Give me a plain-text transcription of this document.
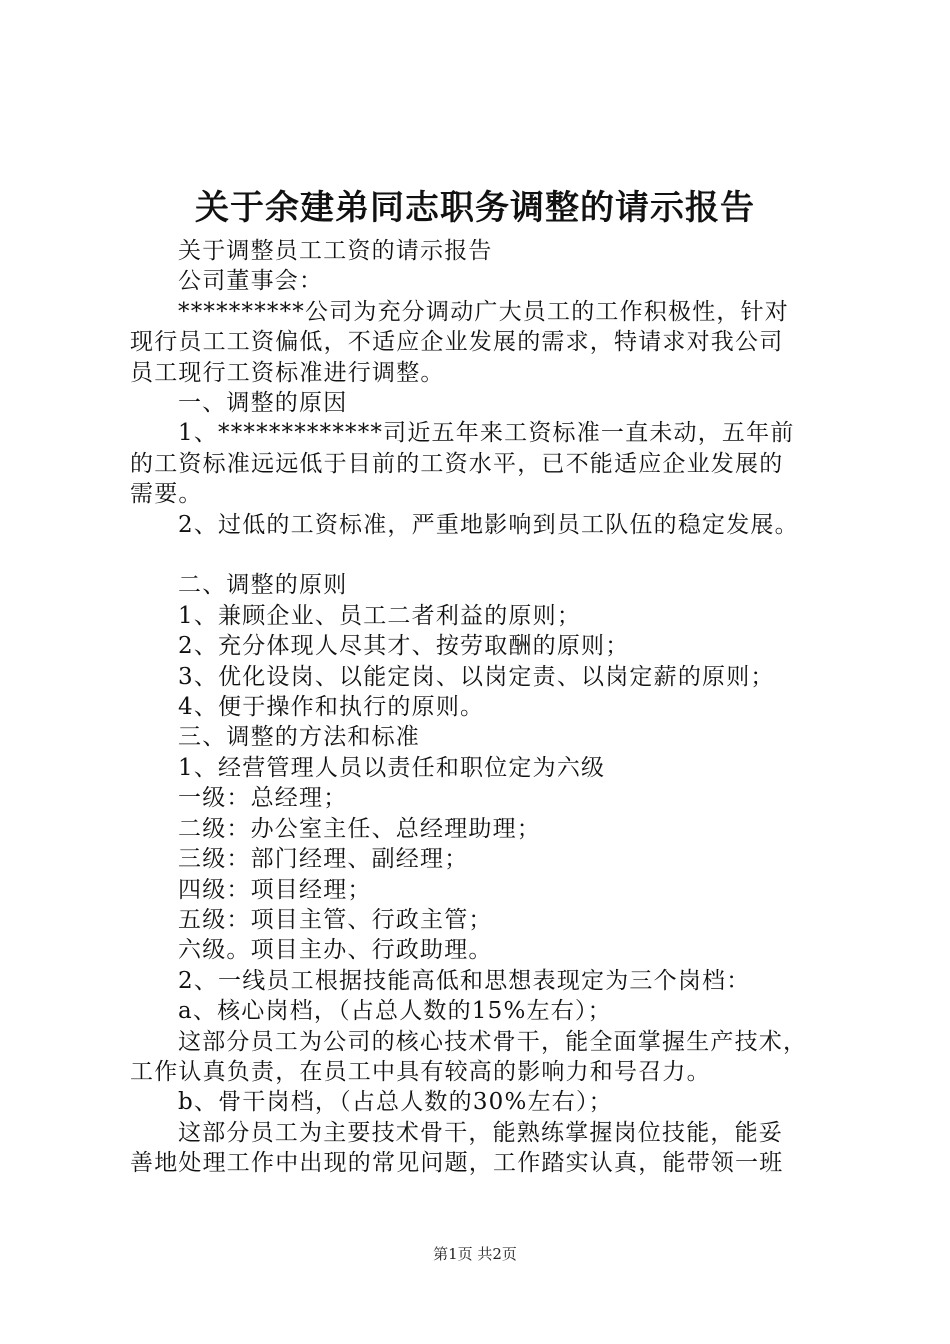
关于余建弟同志职务调整的请示报告

关于调整员工工资的请示报告

公司董事会：

**********公司为充分调动广大员工的工作积极性，针对

现行员工工资偏低，不适应企业发展的需求，特请求对我公司

员工现行工资标准进行调整。

一、调整的原因

1、*************司近五年来工资标准一直未动，五年前

的工资标准远远低于目前的工资水平，已不能适应企业发展的

需要。

2、过低的工资标准，严重地影响到员工队伍的稳定发展。

二、调整的原则

1、兼顾企业、员工二者利益的原则；

2、充分体现人尽其才、按劳取酬的原则；

3、优化设岗、以能定岗、以岗定责、以岗定薪的原则；

4、便于操作和执行的原则。

三、调整的方法和标准

1、经营管理人员以责任和职位定为六级

一级：总经理；

二级：办公室主任、总经理助理；

三级：部门经理、副经理；

四级：项目经理；

五级：项目主管、行政主管；

六级。项目主办、行政助理。

2、一线员工根据技能高低和思想表现定为三个岗档：

a、核心岗档，（占总人数的15%左右）；

这部分员工为公司的核心技术骨干，能全面掌握生产技术，

工作认真负责，在员工中具有较高的影响力和号召力。

b、骨干岗档，（占总人数的30%左右）；

这部分员工为主要技术骨干，能熟练掌握岗位技能，能妥

善地处理工作中出现的常见问题，工作踏实认真，能带领一班

第1页 共2页
